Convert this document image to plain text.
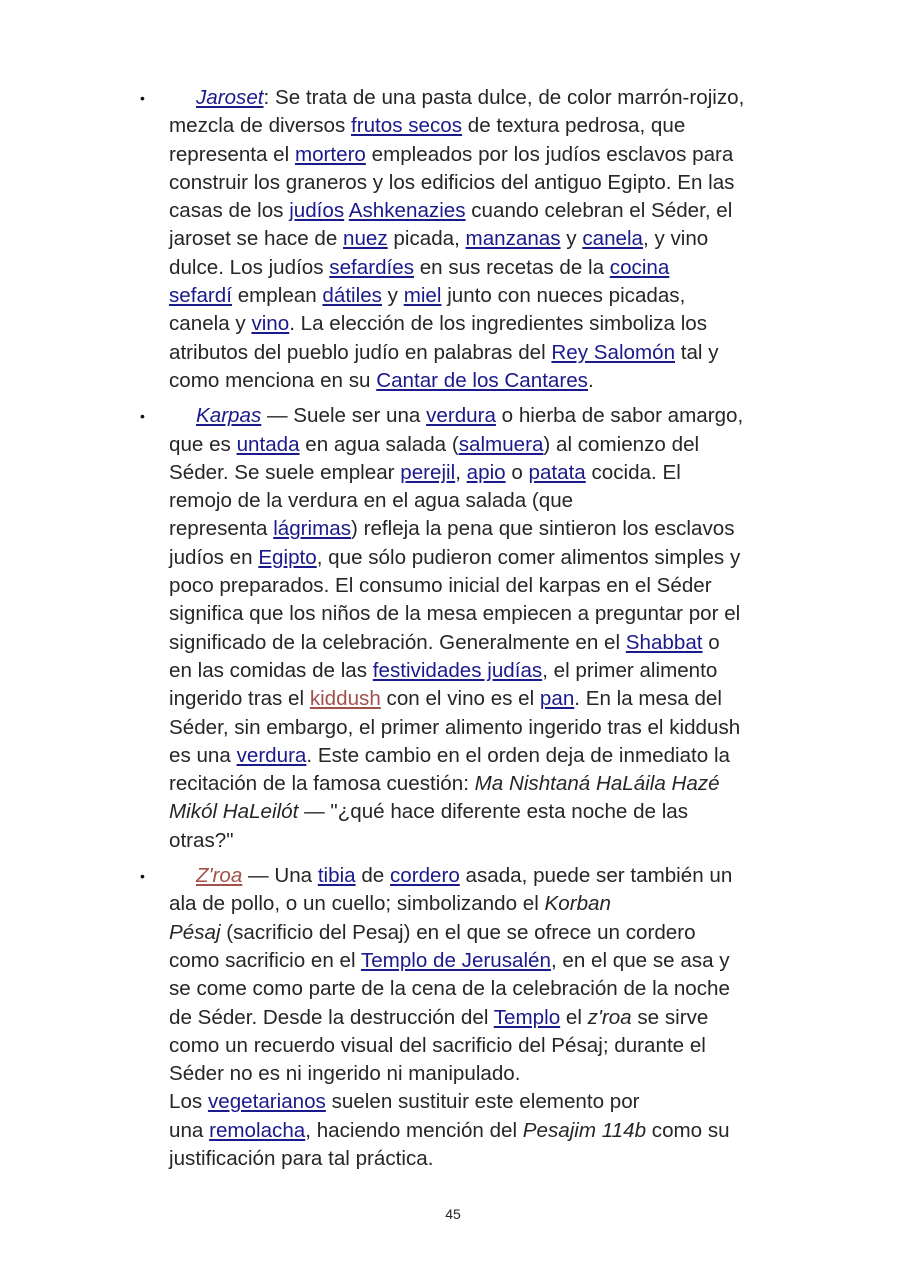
•	Jaroset: Se trata de una pasta dulce, de color marrón-rojizo,
mezcla de diversos frutos secos de textura pedrosa, que
representa el mortero empleados por los judíos esclavos para
construir los graneros y los edificios del antiguo Egipto. En las
casas de los judíos Ashkenazies cuando celebran el Séder, el
jaroset se hace de nuez picada, manzanas y canela, y vino
dulce. Los judíos sefardíes en sus recetas de la cocina
sefardí emplean dátiles y miel junto con nueces picadas,
canela y vino. La elección de los ingredientes simboliza los
atributos del pueblo judío en palabras del Rey Salomón tal y
como menciona en su Cantar de los Cantares.
•	Karpas — Suele ser una verdura o hierba de sabor amargo,
que es untada en agua salada (salmuera) al comienzo del
Séder. Se suele emplear perejil, apio o patata cocida. El
remojo de la verdura en el agua salada (que
representa lágrimas) refleja la pena que sintieron los esclavos
judíos en Egipto, que sólo pudieron comer alimentos simples y
poco preparados. El consumo inicial del karpas en el Séder
significa que los niños de la mesa empiecen a preguntar por el
significado de la celebración. Generalmente en el Shabbat o
en las comidas de las festividades judías, el primer alimento
ingerido tras el kiddush con el vino es el pan. En la mesa del
Séder, sin embargo, el primer alimento ingerido tras el kiddush
es una verdura. Este cambio en el orden deja de inmediato la
recitación de la famosa cuestión: Ma Nishtaná HaLáila Hazé
Mikól HaLeilót — "¿qué hace diferente esta noche de las
otras?"
•	Z'roa — Una tibia de cordero asada, puede ser también un
ala de pollo, o un cuello; simbolizando el Korban
Pésaj (sacrificio del Pesaj) en el que se ofrece un cordero
como sacrificio en el Templo de Jerusalén, en el que se asa y
se come como parte de la cena de la celebración de la noche
de Séder. Desde la destrucción del Templo el z'roa se sirve
como un recuerdo visual del sacrificio del Pésaj; durante el
Séder no es ni ingerido ni manipulado.
Los vegetarianos suelen sustituir este elemento por
una remolacha, haciendo mención del Pesajim 114b como su
justificación para tal práctica.
45
